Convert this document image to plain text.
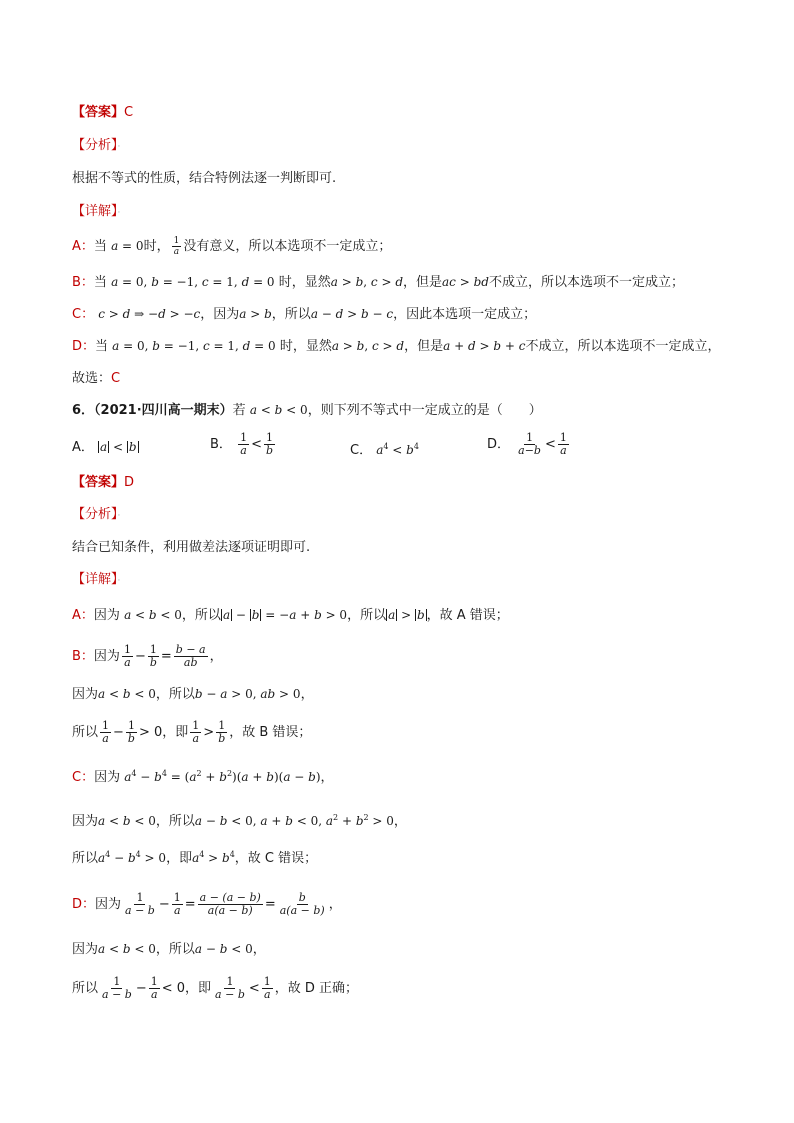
【答案】C
【分析】·
根据不等式的性质，结合特例法逐一判断即可.
【详解】·
A：当 a = 0时， $\frac{1}{a}$ 没有意义，所以本选项不一定成立；
B：当 a = 0, b = −1, c = 1, d = 0 时，显然a > b, c > d，但是ac > bd不成立，所以本选项不一定成立；
C： c > d ⇒ −d > −c，因为a > b，所以a − d > b − c，因此本选项一定成立；
D：当 a = 0, b = −1, c = 1, d = 0 时，显然a > b, c > d，但是a + d > b + c不成立，所以本选项不一定成立，
故选：C
6．（2021·四川高一期末）若 a < b < 0，则下列不等式中一定成立的是（　　）
A． a < b	B． $\frac{1}{a} < \frac{1}{b}$	C． $a^4 < b^4$	D． $\frac{1}{a-b} < \frac{1}{a}$
【答案】D
【分析】·
结合已知条件，利用做差法逐项证明即可.
【详解】·
A：因为 a < b < 0，所以 a − b = −a + b > 0，所以 a > b ，故 A 错误；
B：因为 $\frac{1}{a} - \frac{1}{b} = \frac{b - a}{ab}$ ，
因为a < b < 0，所以b − a > 0, ab > 0，
所以 $\frac{1}{a} - \frac{1}{b} > 0$，即 $\frac{1}{a} > \frac{1}{b}$ ，故 B 错误；
C：因为 $a^4 - b^4 = (a^2 + b^2)(a + b)(a - b)$，
因为a < b < 0，所以a − b < 0, a + b < 0, $a^2 + b^2 > 0$，
所以$a^4 - b^4 > 0$，即$a^4 > b^4$，故 C 错误；
D：因为 $\frac{1}{a - b} - \frac{1}{a} = \frac{a - (a - b)}{a(a - b)} = \frac{b}{a(a - b)}$ ，
因为a < b < 0，所以a − b < 0，
所以 $\frac{1}{a - b} - \frac{1}{a} < 0$，即 $\frac{1}{a - b} < \frac{1}{a}$ ，故 D 正确；
